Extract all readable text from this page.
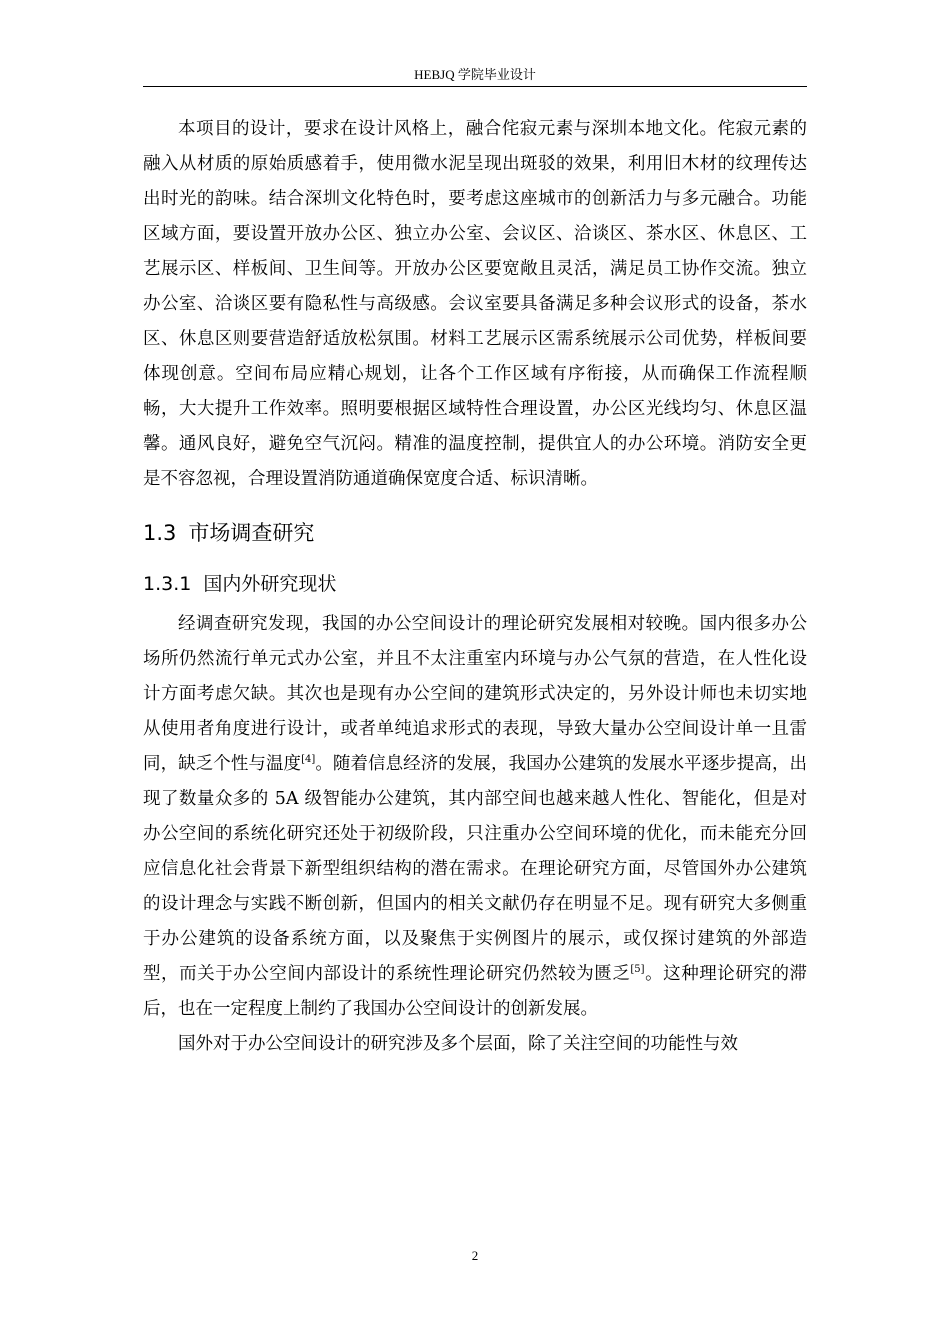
HEBJQ 学院毕业设计

本项目的设计，要求在设计风格上，融合侘寂元素与深圳本地文化。侘寂元素的融入从材质的原始质感着手，使用微水泥呈现出斑驳的效果，利用旧木材的纹理传达出时光的韵味。结合深圳文化特色时，要考虑这座城市的创新活力与多元融合。功能区域方面，要设置开放办公区、独立办公室、会议区、洽谈区、茶水区、休息区、工艺展示区、样板间、卫生间等。开放办公区要宽敞且灵活，满足员工协作交流。独立办公室、洽谈区要有隐私性与高级感。会议室要具备满足多种会议形式的设备，茶水区、休息区则要营造舒适放松氛围。材料工艺展示区需系统展示公司优势，样板间要体现创意。空间布局应精心规划，让各个工作区域有序衔接，从而确保工作流程顺畅，大大提升工作效率。照明要根据区域特性合理设置，办公区光线均匀、休息区温馨。通风良好，避免空气沉闷。精准的温度控制，提供宜人的办公环境。消防安全更是不容忽视，合理设置消防通道确保宽度合适、标识清晰。

1.3 市场调查研究
1.3.1 国内外研究现状

经调查研究发现，我国的办公空间设计的理论研究发展相对较晚。国内很多办公场所仍然流行单元式办公室，并且不太注重室内环境与办公气氛的营造，在人性化设计方面考虑欠缺。其次也是现有办公空间的建筑形式决定的，另外设计师也未切实地从使用者角度进行设计，或者单纯追求形式的表现，导致大量办公空间设计单一且雷同，缺乏个性与温度[4]。随着信息经济的发展，我国办公建筑的发展水平逐步提高，出现了数量众多的 5A 级智能办公建筑，其内部空间也越来越人性化、智能化，但是对办公空间的系统化研究还处于初级阶段，只注重办公空间环境的优化，而未能充分回应信息化社会背景下新型组织结构的潜在需求。在理论研究方面，尽管国外办公建筑的设计理念与实践不断创新，但国内的相关文献仍存在明显不足。现有研究大多侧重于办公建筑的设备系统方面，以及聚焦于实例图片的展示，或仅探讨建筑的外部造型，而关于办公空间内部设计的系统性理论研究仍然较为匮乏[5]。这种理论研究的滞后，也在一定程度上制约了我国办公空间设计的创新发展。

国外对于办公空间设计的研究涉及多个层面，除了关注空间的功能性与效

2
